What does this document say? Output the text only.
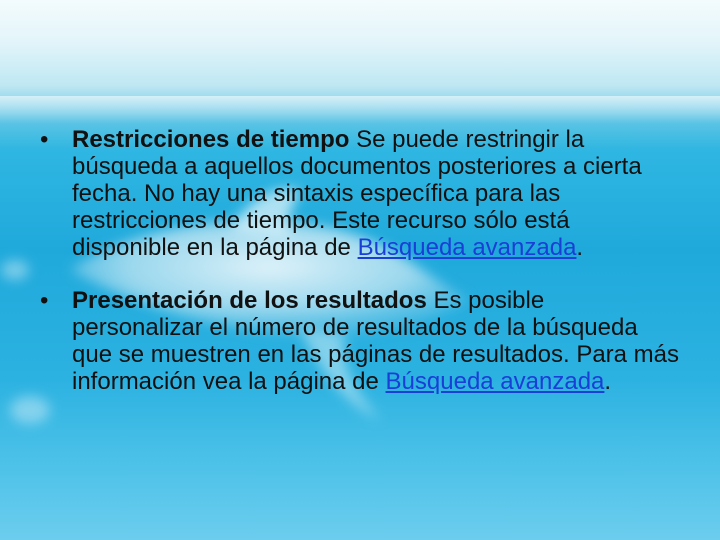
• Restricciones de tiempo Se puede restringir la búsqueda a aquellos documentos posteriores a cierta fecha. No hay una sintaxis específica para las restricciones de tiempo. Este recurso sólo está disponible en la página de Búsqueda avanzada.
• Presentación de los resultados Es posible personalizar el número de resultados de la búsqueda que se muestren en las páginas de resultados. Para más información vea la página de Búsqueda avanzada.
